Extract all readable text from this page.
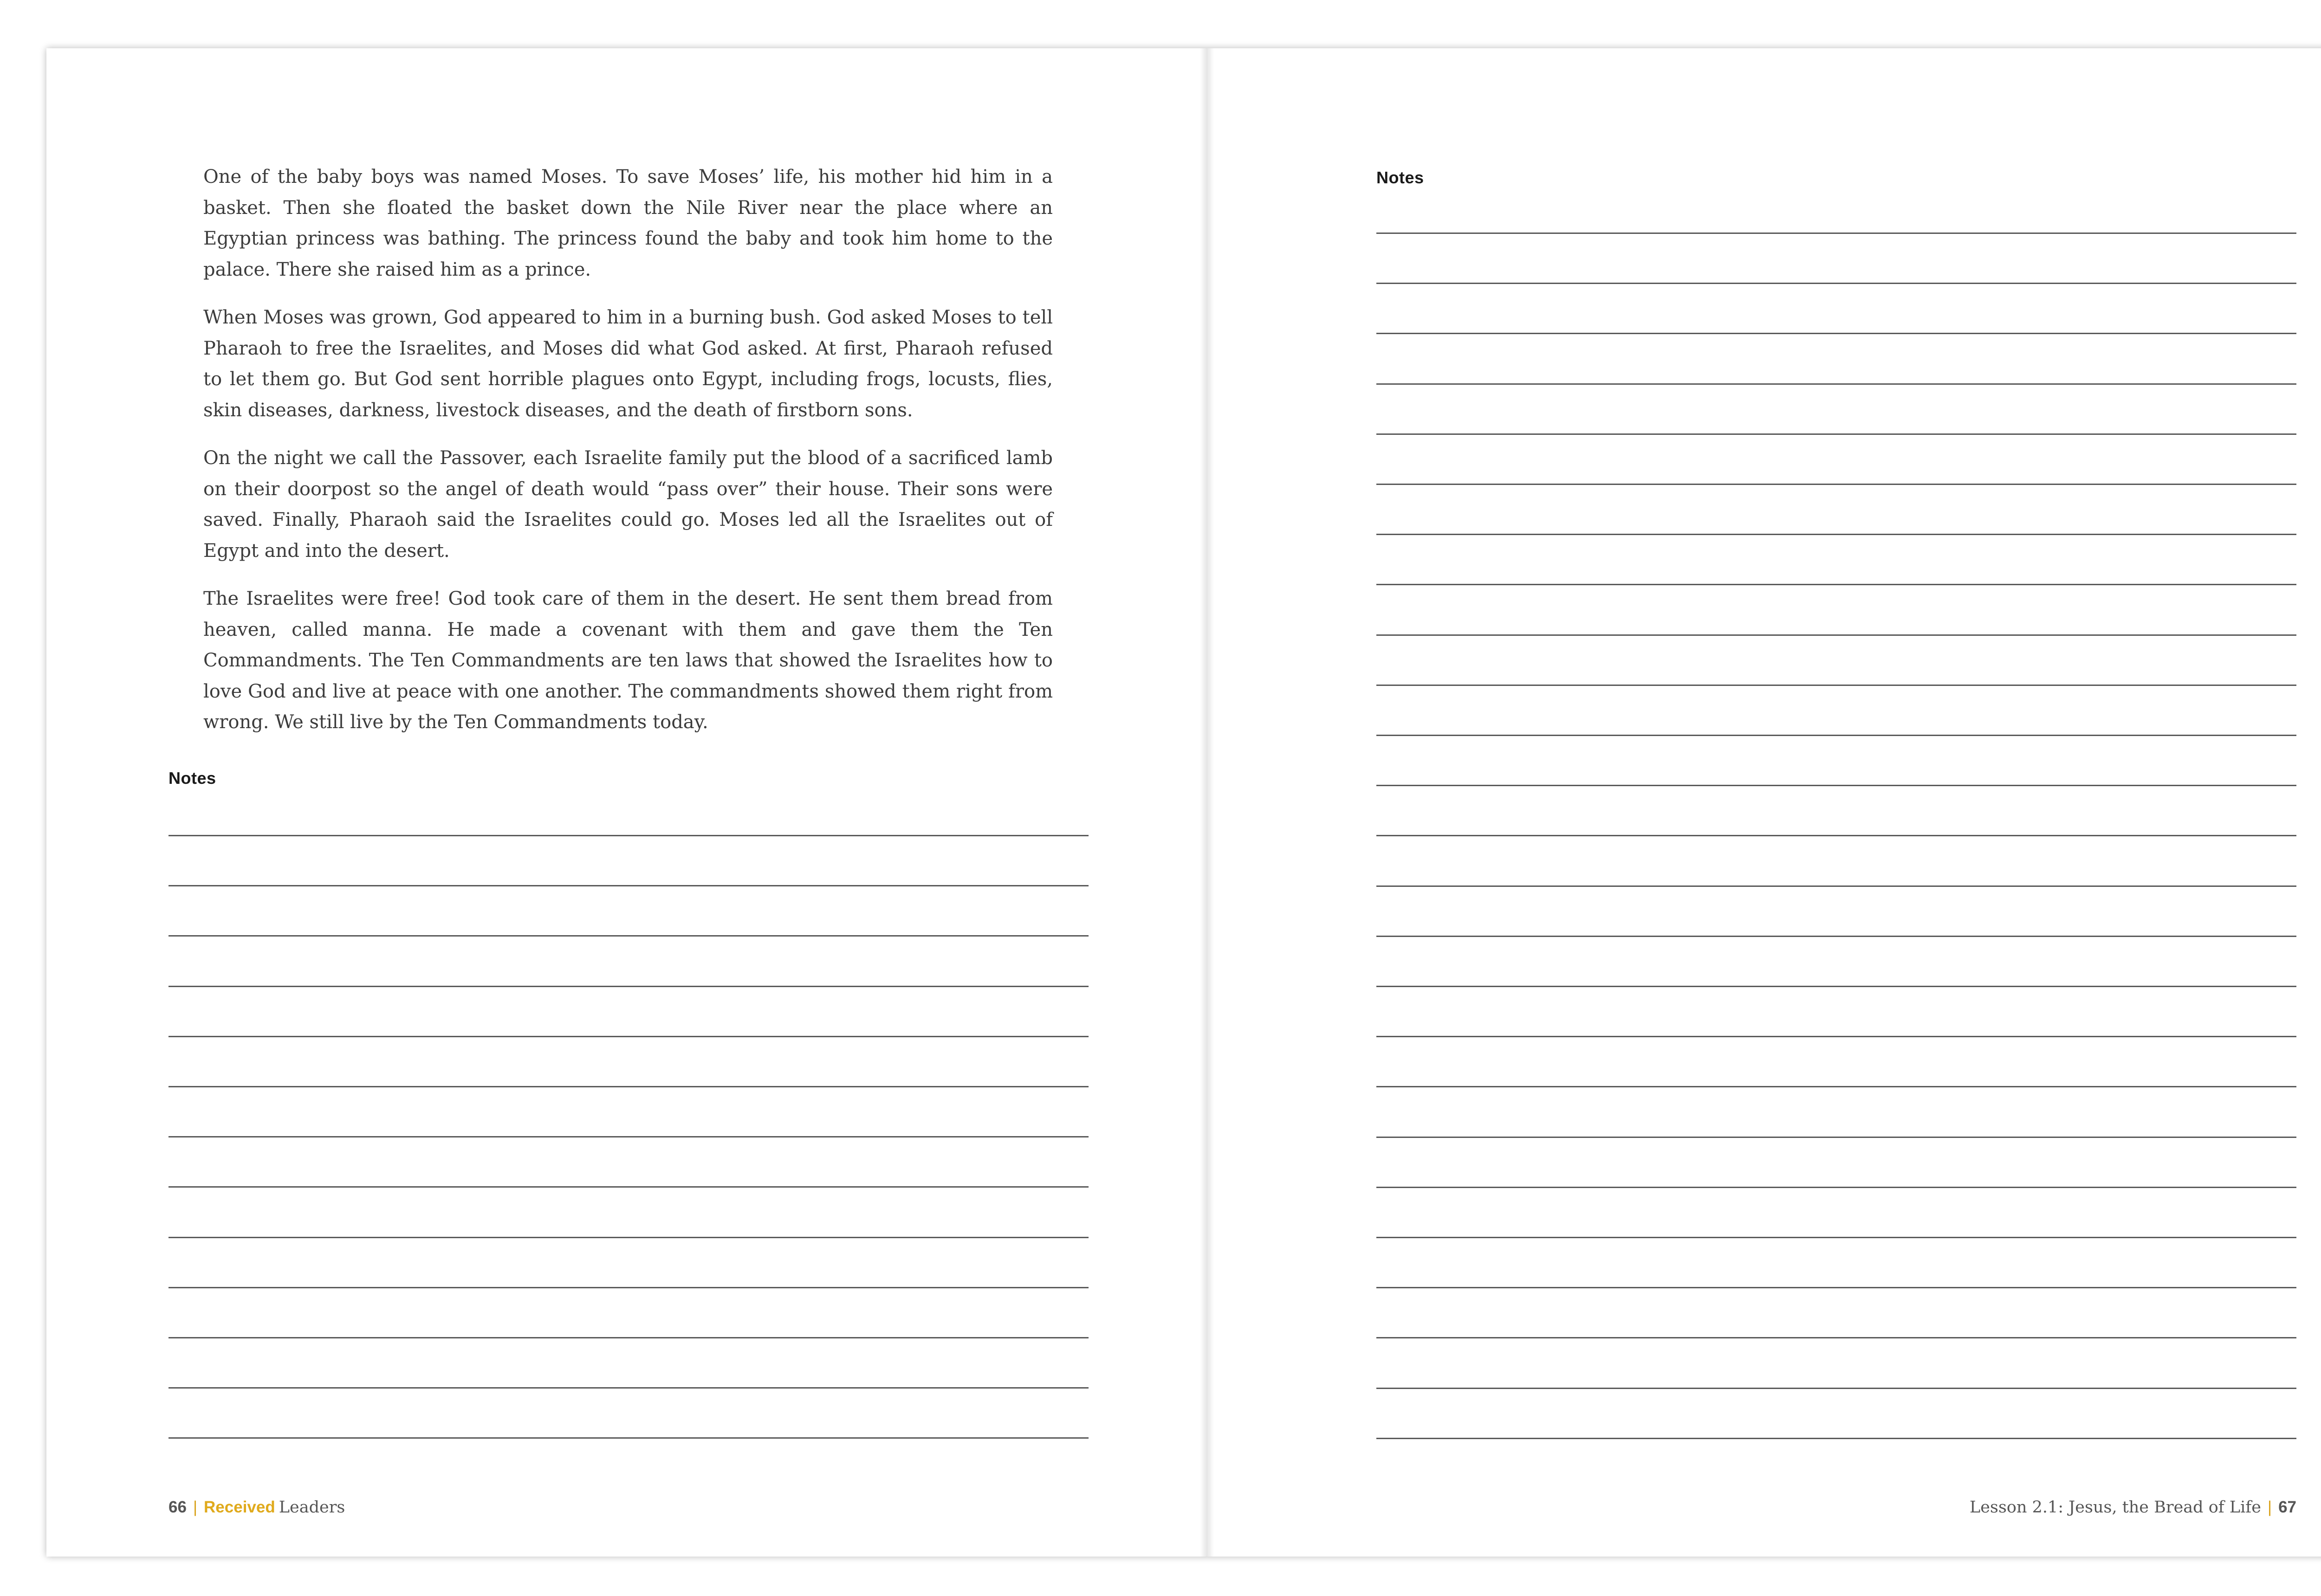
One of the baby boys was named Moses. To save Moses’ life, his mother hid him in a basket. Then she floated the basket down the Nile River near the place where an Egyptian princess was bathing. The princess found the baby and took him home to the palace. There she raised him as a prince.

When Moses was grown, God appeared to him in a burning bush. God asked Moses to tell Pharaoh to free the Israelites, and Moses did what God asked. At first, Pharaoh refused to let them go. But God sent horrible plagues onto Egypt, including frogs, locusts, flies, skin diseases, darkness, livestock diseases, and the death of firstborn sons.

On the night we call the Passover, each Israelite family put the blood of a sacrificed lamb on their doorpost so the angel of death would “pass over” their house. Their sons were saved. Finally, Pharaoh said the Israelites could go. Moses led all the Israelites out of Egypt and into the desert.

The Israelites were free! God took care of them in the desert. He sent them bread from heaven, called manna. He made a covenant with them and gave them the Ten Commandments. The Ten Commandments are ten laws that showed the Israelites how to love God and live at peace with one another. The commandments showed them right from wrong. We still live by the Ten Commandments today.

Notes
66 | Received Leaders
Notes
Lesson 2.1: Jesus, the Bread of Life | 67
